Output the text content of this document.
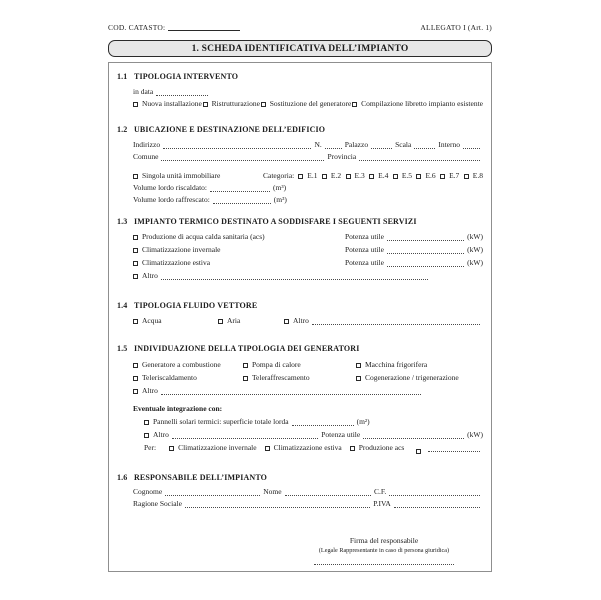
COD. CATASTO:	ALLEGATO I (Art. 1)
1. SCHEDA IDENTIFICATIVA DELL’IMPIANTO
1.1 TIPOLOGIA INTERVENTO
in data
Nuova installazione Ristrutturazione Sostituzione del generatore Compilazione libretto impianto esistente
1.2 UBICAZIONE E DESTINAZIONE DELL’EDIFICIO
Indirizzo	N.	Palazzo	Scala	Interno
Comune	Provincia
Singola unità immobiliare	Categoria: E.1 E.2 E.3 E.4 E.5 E.6 E.7 E.8
Volume lordo riscaldato:	(m³)
Volume lordo raffrescato:	(m³)
1.3 IMPIANTO TERMICO DESTINATO A SODDISFARE I SEGUENTI SERVIZI
Produzione di acqua calda sanitaria (acs)	Potenza utile	(kW)
Climatizzazione invernale	Potenza utile	(kW)
Climatizzazione estiva	Potenza utile	(kW)
Altro
1.4 TIPOLOGIA FLUIDO VETTORE
Acqua	Aria	Altro
1.5 INDIVIDUAZIONE DELLA TIPOLOGIA DEI GENERATORI
Generatore a combustione	Pompa di calore	Macchina frigorifera
Teleriscaldamento	Teleraffrescamento	Cogenerazione / trigenerazione
Altro
Eventuale integrazione con:
Pannelli solari termici: superficie totale lorda	(m²)
Altro	Potenza utile	(kW)
Per:	Climatizzazione invernale Climatizzazione estiva Produzione acs
1.6 RESPONSABILE DELL’IMPIANTO
Cognome	Nome	C.F.
Ragione Sociale	P.IVA
Firma del responsabile
(Legale Rappresentante in caso di persona giuridica)
